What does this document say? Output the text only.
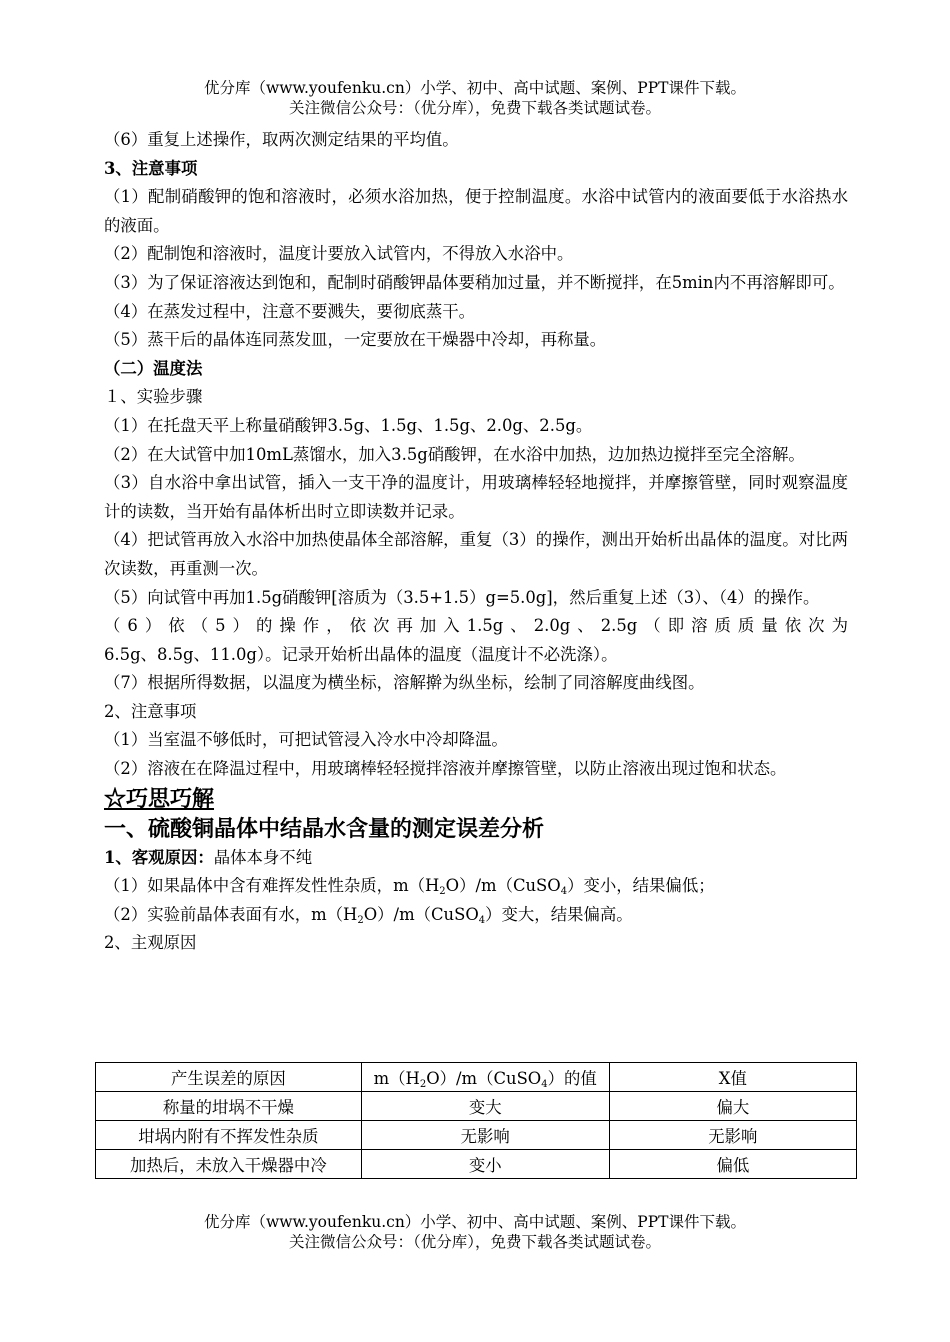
优分库（www.youfenku.cn）小学、初中、高中试题、案例、PPT课件下载。
关注微信公众号：（优分库），免费下载各类试题试卷。
（6）重复上述操作，取两次测定结果的平均值。
3、注意事项
（1）配制硝酸钾的饱和溶液时，必须水浴加热，便于控制温度。水浴中试管内的液面要低于水浴热水的液面。
（2）配制饱和溶液时，温度计要放入试管内，不得放入水浴中。
（3）为了保证溶液达到饱和，配制时硝酸钾晶体要稍加过量，并不断搅拌，在5min内不再溶解即可。
（4）在蒸发过程中，注意不要溅失，要彻底蒸干。
（5）蒸干后的晶体连同蒸发皿，一定要放在干燥器中冷却，再称量。
（二）温度法
１、实验步骤
（1）在托盘天平上称量硝酸钾3.5g、1.5g、1.5g、2.0g、2.5g。
（2）在大试管中加10mL蒸馏水，加入3.5g硝酸钾，在水浴中加热，边加热边搅拌至完全溶解。
（3）自水浴中拿出试管，插入一支干净的温度计，用玻璃棒轻轻地搅拌，并摩擦管壁，同时观察温度计的读数，当开始有晶体析出时立即读数并记录。
（4）把试管再放入水浴中加热使晶体全部溶解，重复（3）的操作，测出开始析出晶体的温度。对比两次读数，再重测一次。
（5）向试管中再加1.5g硝酸钾[溶质为（3.5+1.5）g=5.0g]，然后重复上述（3）、（4）的操作。
（6）依（5）的操作，依次再加入1.5g、2.0g、2.5g（即溶质质量依次为
6.5g、8.5g、11.0g）。记录开始析出晶体的温度（温度计不必洗涤）。
（7）根据所得数据，以温度为横坐标，溶解擀为纵坐标，绘制了同溶解度曲线图。
2、注意事项
（1）当室温不够低时，可把试管浸入冷水中冷却降温。
（2）溶液在在降温过程中，用玻璃棒轻轻搅拌溶液并摩擦管壁，以防止溶液出现过饱和状态。
☆巧思巧解
一、硫酸铜晶体中结晶水含量的测定误差分析
1、客观原因：晶体本身不纯
（1）如果晶体中含有难挥发性性杂质，$m(H_2O)/m(CuSO_4)$变小，结果偏低；
（2）实验前晶体表面有水，$m(H_2O)/m(CuSO_4)$变大，结果偏高。
2、主观原因
产生误差的原因	$m(H_2O)/m(CuSO_4)$的值	X值
称量的坩埚不干燥	变大	偏大
坩埚内附有不挥发性杂质	无影响	无影响
加热后，未放入干燥器中冷	变小	偏低
优分库（www.youfenku.cn）小学、初中、高中试题、案例、PPT课件下载。
关注微信公众号：（优分库），免费下载各类试题试卷。
